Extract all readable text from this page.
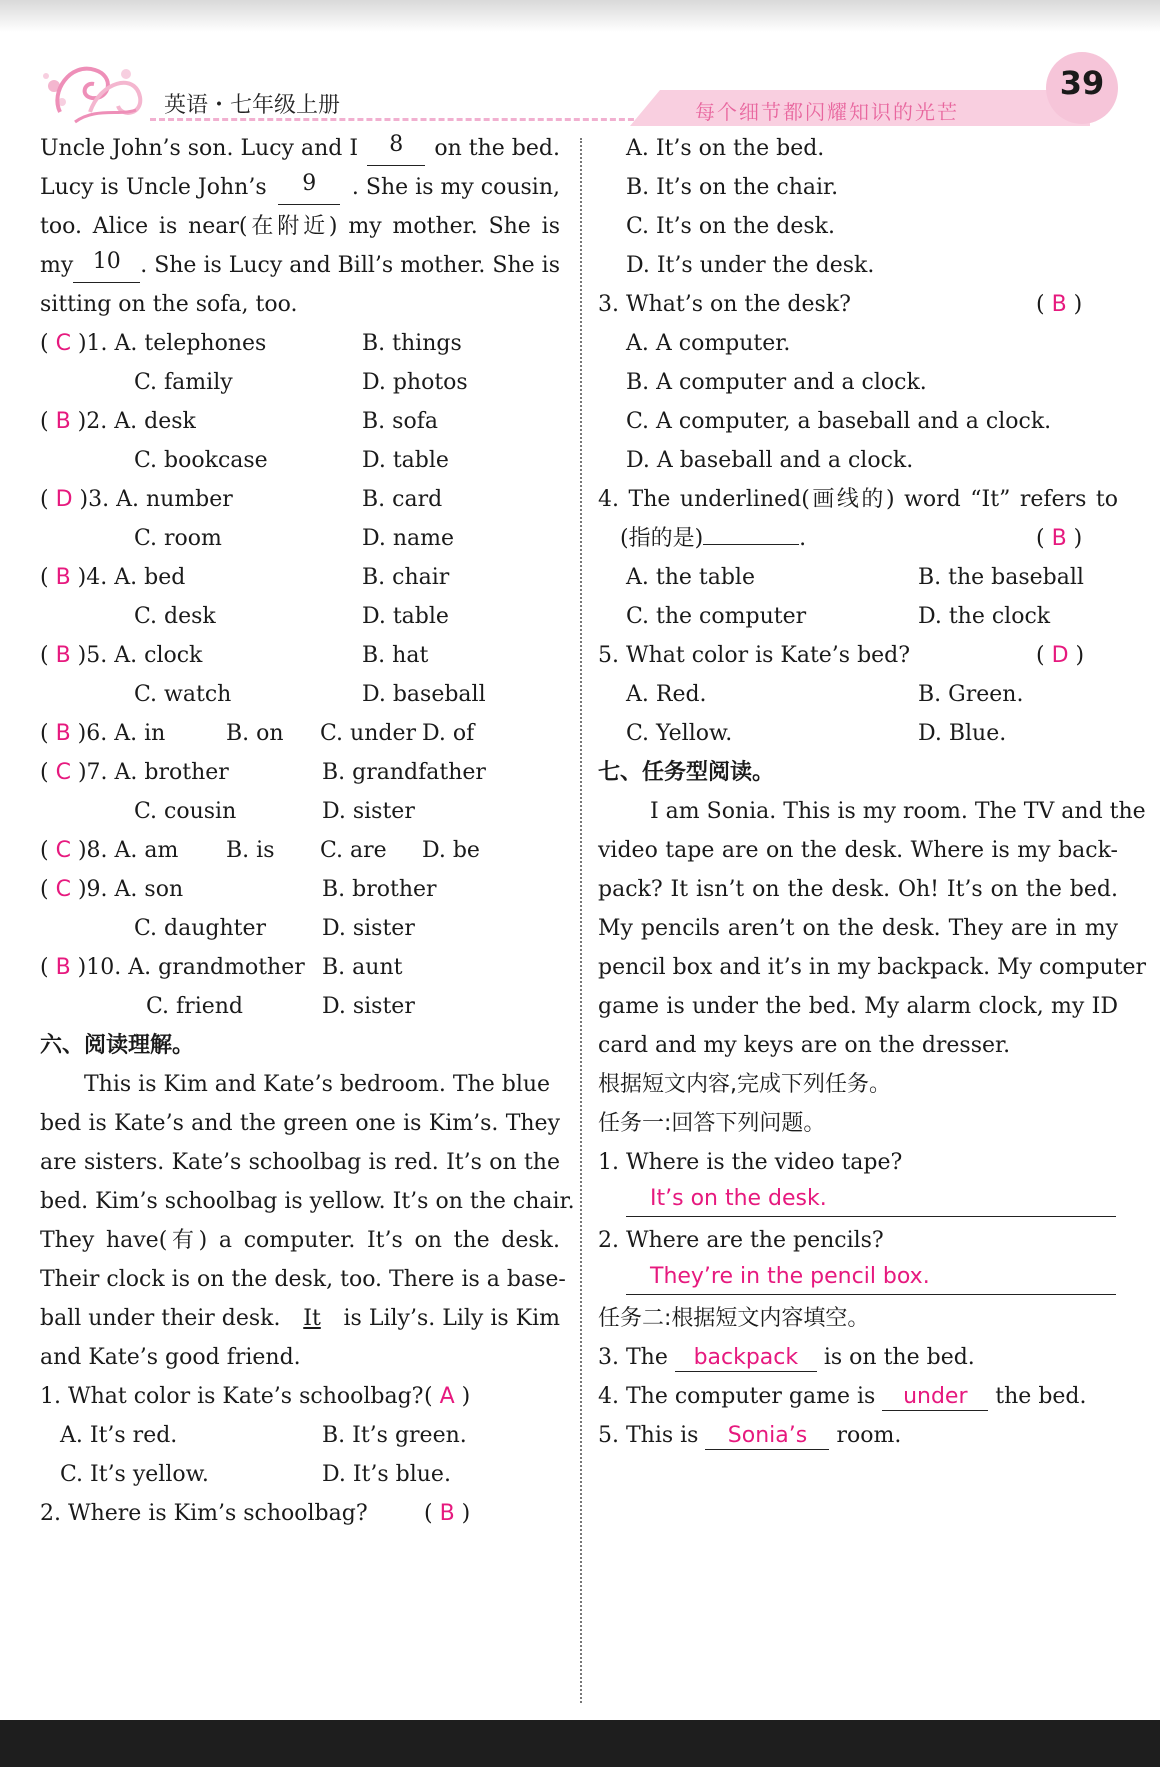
英语・七年级上册	每个细节都闪耀知识的光芒
39
Uncle John’s son. Lucy and I	8	on the bed.
Lucy is Uncle John’s	9	. She is my cousin,
too. Alice is near(在附近) my mother. She is
my 10 . She is Lucy and Bill’s mother. She is
sitting on the sofa, too.
( C )1. A. telephones	B. things
C. family	D. photos
( B )2. A. desk	B. sofa
C. bookcase	D. table
( D )3. A. number	B. card
C. room	D. name
( B )4. A. bed	B. chair
C. desk	D. table
( B )5. A. clock	B. hat
C. watch	D. baseball
( B )6. A. in	B. on C. under D. of
( C )7. A. brother	B. grandfather
C. cousin	D. sister
( C )8. A. am B. is C. are D. be
( C )9. A. son	B. brother
C. daughter	D. sister
( B )10. A. grandmother B. aunt
C. friend	D. sister
六、阅读理解。
This is Kim and Kate’s bedroom. The blue
bed is Kate’s and the green one is Kim’s. They
are sisters. Kate’s schoolbag is red. It’s on the
bed. Kim’s schoolbag is yellow. It’s on the chair.
They have(有) a computer. It’s on the desk.
Their clock is on the desk, too. There is a base-
ball under their desk. It is Lily’s. Lily is Kim
and Kate’s good friend.
1. What color is Kate’s schoolbag? ( A )
A. It’s red.	B. It’s green.
C. It’s yellow.	D. It’s blue.
2. Where is Kim’s schoolbag?	( B )
A. It’s on the bed.
B. It’s on the chair.
C. It’s on the desk.
D. It’s under the desk.
3. What’s on the desk?	( B )
A. A computer.
B. A computer and a clock.
C. A computer, a baseball and a clock.
D. A baseball and a clock.
4. The underlined(画线的) word “It” refers to
(指的是)	.	( B )
A. the table	B. the baseball
C. the computer	D. the clock
5. What color is Kate’s bed?	( D )
A. Red.	B. Green.
C. Yellow.	D. Blue.
七、任务型阅读。
I am Sonia. This is my room. The TV and the
video tape are on the desk. Where is my back-
pack? It isn’t on the desk. Oh! It’s on the bed.
My pencils aren’t on the desk. They are in my
pencil box and it’s in my backpack. My computer
game is under the bed. My alarm clock, my ID
card and my keys are on the dresser.
根据短文内容,完成下列任务。
任务一:回答下列问题。
1. Where is the video tape?
It’s on the desk.
2. Where are the pencils?
They’re in the pencil box.
任务二:根据短文内容填空。
3. The backpack is on the bed.
4. The computer game is under the bed.
5. This is Sonia’s room.
